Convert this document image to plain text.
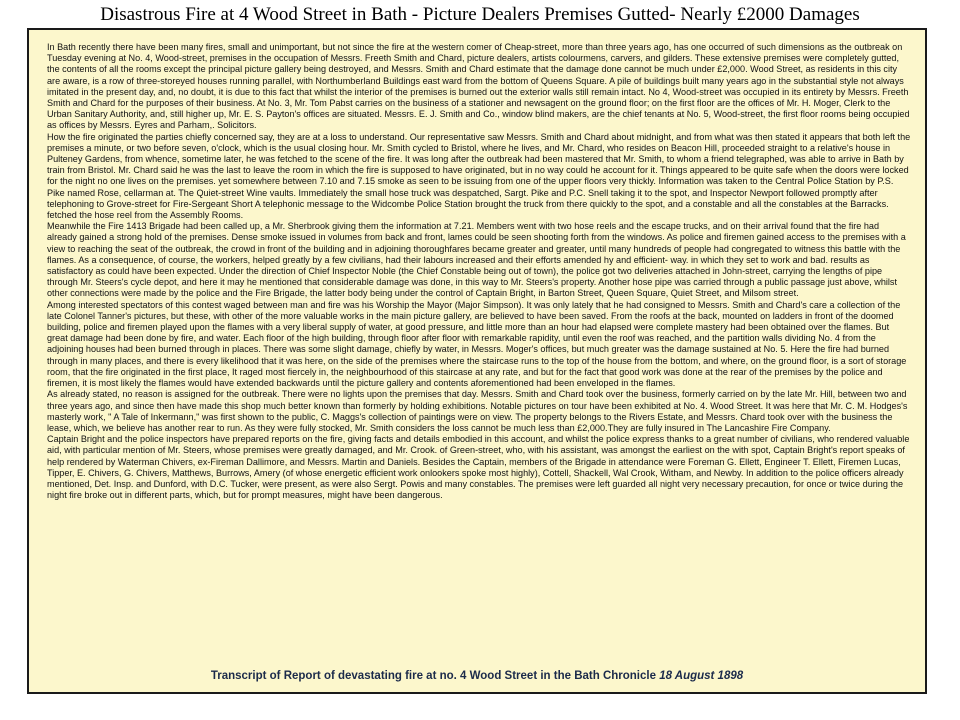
Disastrous Fire at 4 Wood Street in Bath - Picture Dealers Premises Gutted- Nearly £2000 Damages

In Bath recently there have been many fires, small and unimportant, but not since the fire at the western comer of Cheap-street, more than three years ago, has one occurred of such dimensions as the outbreak on Tuesday evening at No. 4, Wood-street, premises in the occupation of Messrs. Freeth Smith and Chard, picture dealers, artists colourmens, carvers, and gilders. These extensive premises were completely gutted, the contents of all the rooms except the principal picture gallery being destroyed, and Messrs. Smith and Chard estimate that the damage done cannot be much under £2,000. Wood Street, as residents in this city are aware, is a row of three-storeyed houses running parallel, with Northumberland Buildings east ward from the bottom of Queens Square. A pile of buildings built many years ago in the substantial style not always imitated in the present day, and, no doubt, it is due to this fact that whilst the interior of the premises is burned out the exterior walls still remain intact. No 4, Wood-street was occupied in its entirety by Messrs. Freeth Smith and Chard for the purposes of their business. At No. 3, Mr. Tom Pabst carries on the business of a stationer and newsagent on the ground floor; on the first floor are the offices of Mr. H. Moger, Clerk to the Urban Sanitary Authority, and, still higher up, Mr. E. S. Payton's offices are situated. Messrs. E. J. Smith and Co., window blind makers, are the chief tenants at No. 5, Wood-street, the first floor rooms being occupied as offices by Messrs. Eyres and Parham,. Solicitors.

How the fire originated the parties chiefly concerned say, they are at a loss to understand. Our representative saw Messrs. Smith and Chard about midnight, and from what was then stated it appears that both left the premises a minute, or two before seven, o'clock, which is the usual closing hour. Mr. Smith cycled to Bristol, where he lives, and Mr. Chard, who resides on Beacon Hill, proceeded straight to a relative's house in Pulteney Gardens, from whence, sometime later, he was fetched to the scene of the fire. It was long after the outbreak had been mastered that Mr. Smith, to whom a friend telegraphed, was able to arrive in Bath by train from Bristol. Mr. Chard said he was the last to leave the room in which the fire is supposed to have originated, but in no way could he account for it. Things appeared to be quite safe when the doors were locked for the night no one lives on the premises. yet somewhere between 7.10 and 7.15 smoke as seen to be issuing from one of the upper floors very thickly. Information was taken to the Central Police Station by P.S. Pike named Rose, cellarman at. The Quiet-street Wine vaults. Immediately the small hose truck was despatched, Sargt. Pike and P.C. Snell taking it to the spot, and Inspector Newport followed promptly after telephoning to Grove-street for Fire-Sergeant Short A telephonic message to the Widcombe Police Station brought the truck from there quickly to the spot, and a constable and all the constables at the Barracks. fetched the hose reel from the Assembly Rooms.

Meanwhile the Fire 1413 Brigade had been called up, a Mr. Sherbrook giving them the information at 7.21. Members went with two hose reels and the escape trucks, and on their arrival found that the fire had already gained a strong hold of the premises. Dense smoke issued in volumes from back and front, lames could be seen shooting forth from the windows. As police and firemen gained access to the premises with a view to reaching the seat of the outbreak, the crowd in front of the building and in adjoining thoroughfares became greater and greater, until many hundreds of people had congregated to witness this battle with the flames. As a consequence, of course, the workers, helped greatly by a few civilians, had their labours increased and their efforts amended hy and efficient- way. in which they set to work and bad. results as satisfactory as could have been expected. Under the direction of Chief Inspector Noble (the Chief Constable being out of town), the police got two deliveries attached in John-street, carrying the lengths of pipe through Mr. Steers's cycle depot, and here it may he mentioned that considerable damage was done, in this way to Mr. Steers's property. Another hose pipe was carried through a public passage just above, whilst other connections were made by the police and the Fire Brigade, the latter body being under the control of Captain Bright, in Barton Street, Queen Square, Quiet Street, and Milsom street.

Among interested spectators of this contest waged between man and fire was his Worship the Mayor (Major Simpson). It was only lately that he had consigned to Messrs. Smith and Chard's care a collection of the late Colonel Tanner's pictures, but these, with other of the more valuable works in the main picture gallery, are believed to have been saved. From the roofs at the back, mounted on ladders in front of the doomed building, police and firemen played upon the flames with a very liberal supply of water, at good pressure, and little more than an hour had elapsed were complete mastery had been obtained over the flames. But great damage had been done by fire, and water. Each floor of the high building, through floor after floor with remarkable rapidity, until even the roof was reached, and the partition walls dividing No. 4 from the adjoining houses had been burned through in places. There was some slight damage, chiefly by water, in Messrs. Moger's offices, but much greater was the damage sustained at No. 5. Here the fire had burned through in many places, and there is every likelihood that it was here, on the side of the premises where the staircase runs to the top of the house from the bottom, and where, on the ground floor, is a sort of storage room, that the fire originated in the first place, It raged most fiercely in, the neighbourhood of this staircase at any rate, and but for the fact that good work was done at the rear of the premises by the police and firemen, it is most likely the flames would have extended backwards until the picture gallery and contents aforementioned had been enveloped in the flames.

As already stated, no reason is assigned for the outbreak. There were no lights upon the premises that day. Messrs. Smith and Chard took over the business, formerly carried on by the late Mr. Hill, between two and three years ago, and since then have made this shop much better known than formerly by holding exhibitions. Notable pictures on tour have been exhibited at No. 4. Wood Street. It was here that Mr. C. M. Hodges's masterly work, " A Tale of Inkermann," was first shown to the public, C. Maggs's collection of paintings were on view. The property belongs to the Rivers Estate, and Messrs. Chard took over with the business the lease, which, we believe has another rear to run. As they were fully stocked, Mr. Smith considers the loss cannot be much less than £2,000.They are fully insured in The Lancashire Fire Company.

Captain Bright and the police inspectors have prepared reports on the fire, giving facts and details embodied in this account, and whilst the police express thanks to a great number of civilians, who rendered valuable aid, with particular mention of Mr. Steers, whose premises were greatly damaged, and Mr. Crook. of Green-street, who, with his assistant, was amongst the earliest on the with spot, Captain Bright's report speaks of help rendered by Waterman Chivers, ex-Fireman Dallimore, and Messrs. Martin and Daniels. Besides the Captain, members of the Brigade in attendance were Foreman G. Ellett, Engineer T. Ellett, Firemen Lucas, Tipper, E. Chivers, G. Chivers, Matthews, Burrows, Amery (of whose energetic efficient work onlookers spoke most highly), Cottell, Shackell, Wal Crook, Witham, and Newby. In addition to the police officers already mentioned, Det. Insp. and Dunford, with D.C. Tucker, were present, as were also Sergt. Powis and many constables. The premises were left guarded all night very necessary precaution, for once or twice during the night fire broke out in different parts, which, but for prompt measures, might have been dangerous.

Transcript of Report of devastating fire at no. 4 Wood Street in the Bath Chronicle 18 August 1898
